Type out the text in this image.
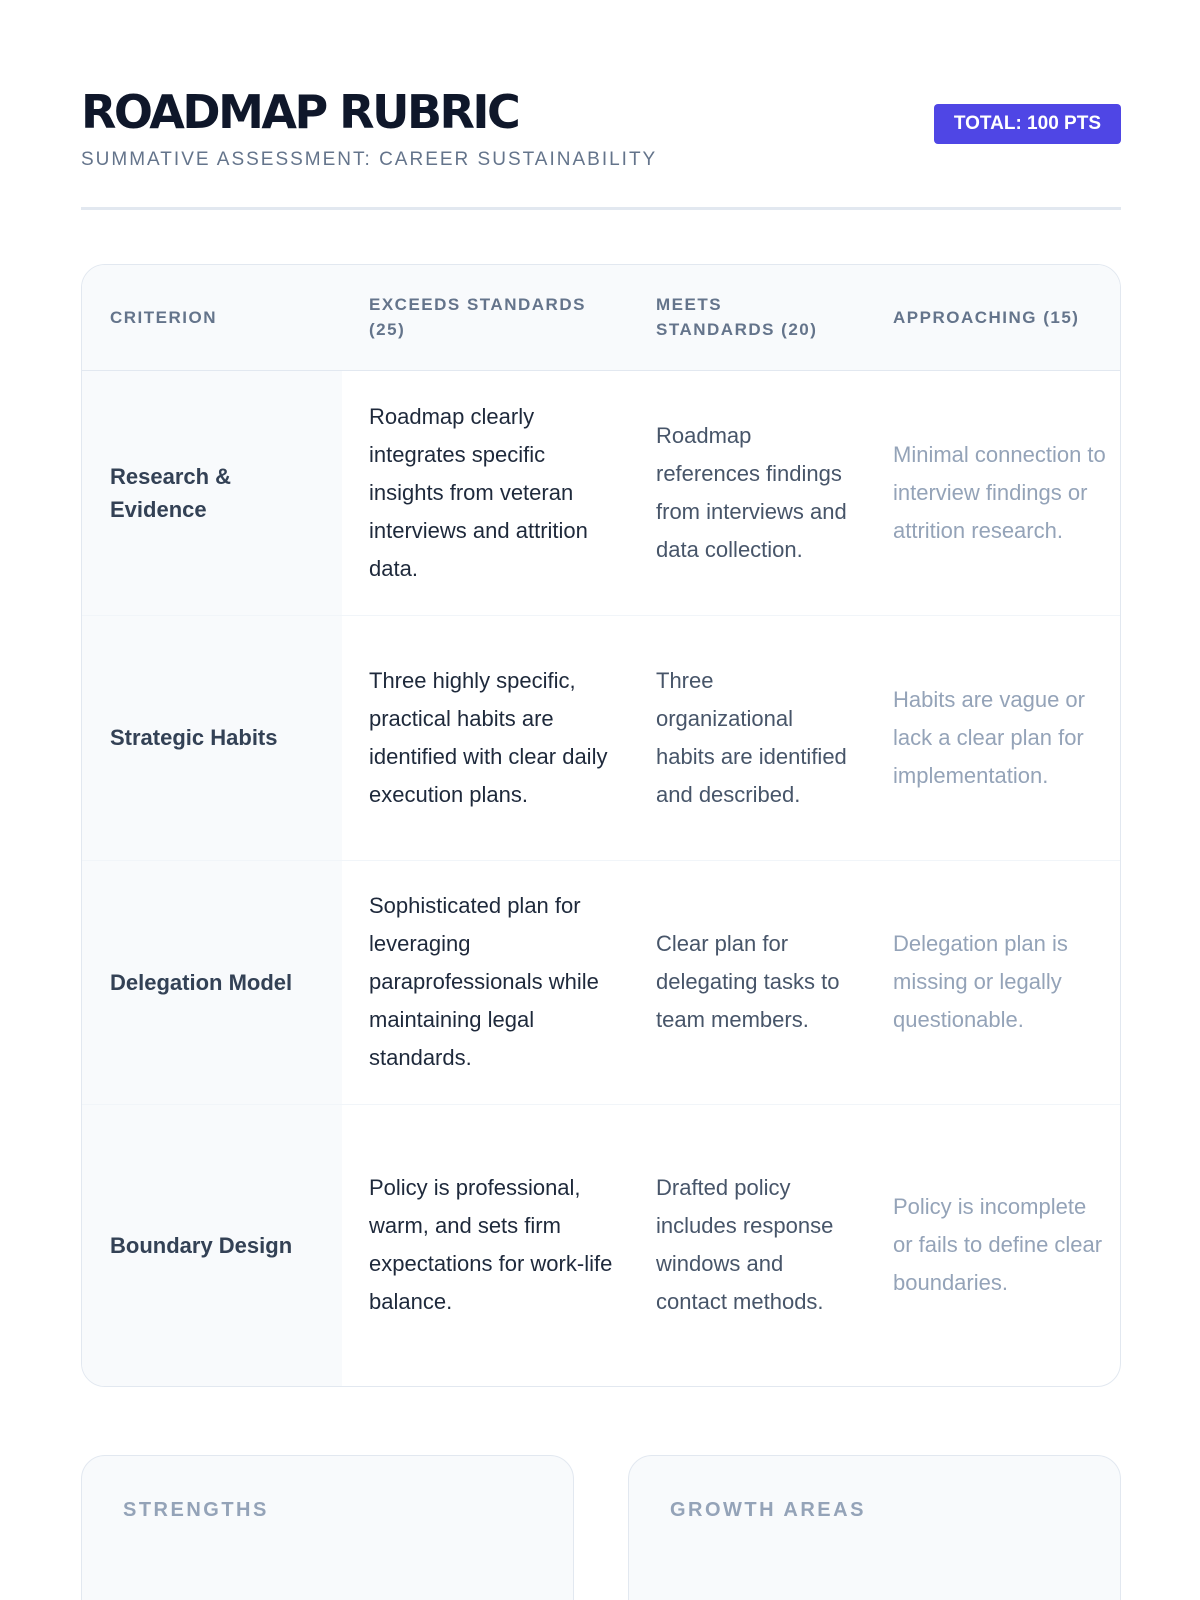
ROADMAP RUBRIC
SUMMATIVE ASSESSMENT: CAREER SUSTAINABILITY
TOTAL: 100 PTS
CRITERION	EXCEEDS STANDARDS (25)	MEETS STANDARDS (20)	APPROACHING (15)
Research & Evidence	Roadmap clearly integrates specific insights from veteran interviews and attrition data.	Roadmap references findings from interviews and data collection.	Minimal connection to interview findings or attrition research.
Strategic Habits	Three highly specific, practical habits are identified with clear daily execution plans.	Three organizational habits are identified and described.	Habits are vague or lack a clear plan for implementation.
Delegation Model	Sophisticated plan for leveraging paraprofessionals while maintaining legal standards.	Clear plan for delegating tasks to team members.	Delegation plan is missing or legally questionable.
Boundary Design	Policy is professional, warm, and sets firm expectations for work-life balance.	Drafted policy includes response windows and contact methods.	Policy is incomplete or fails to define clear boundaries.
STRENGTHS	GROWTH AREAS
